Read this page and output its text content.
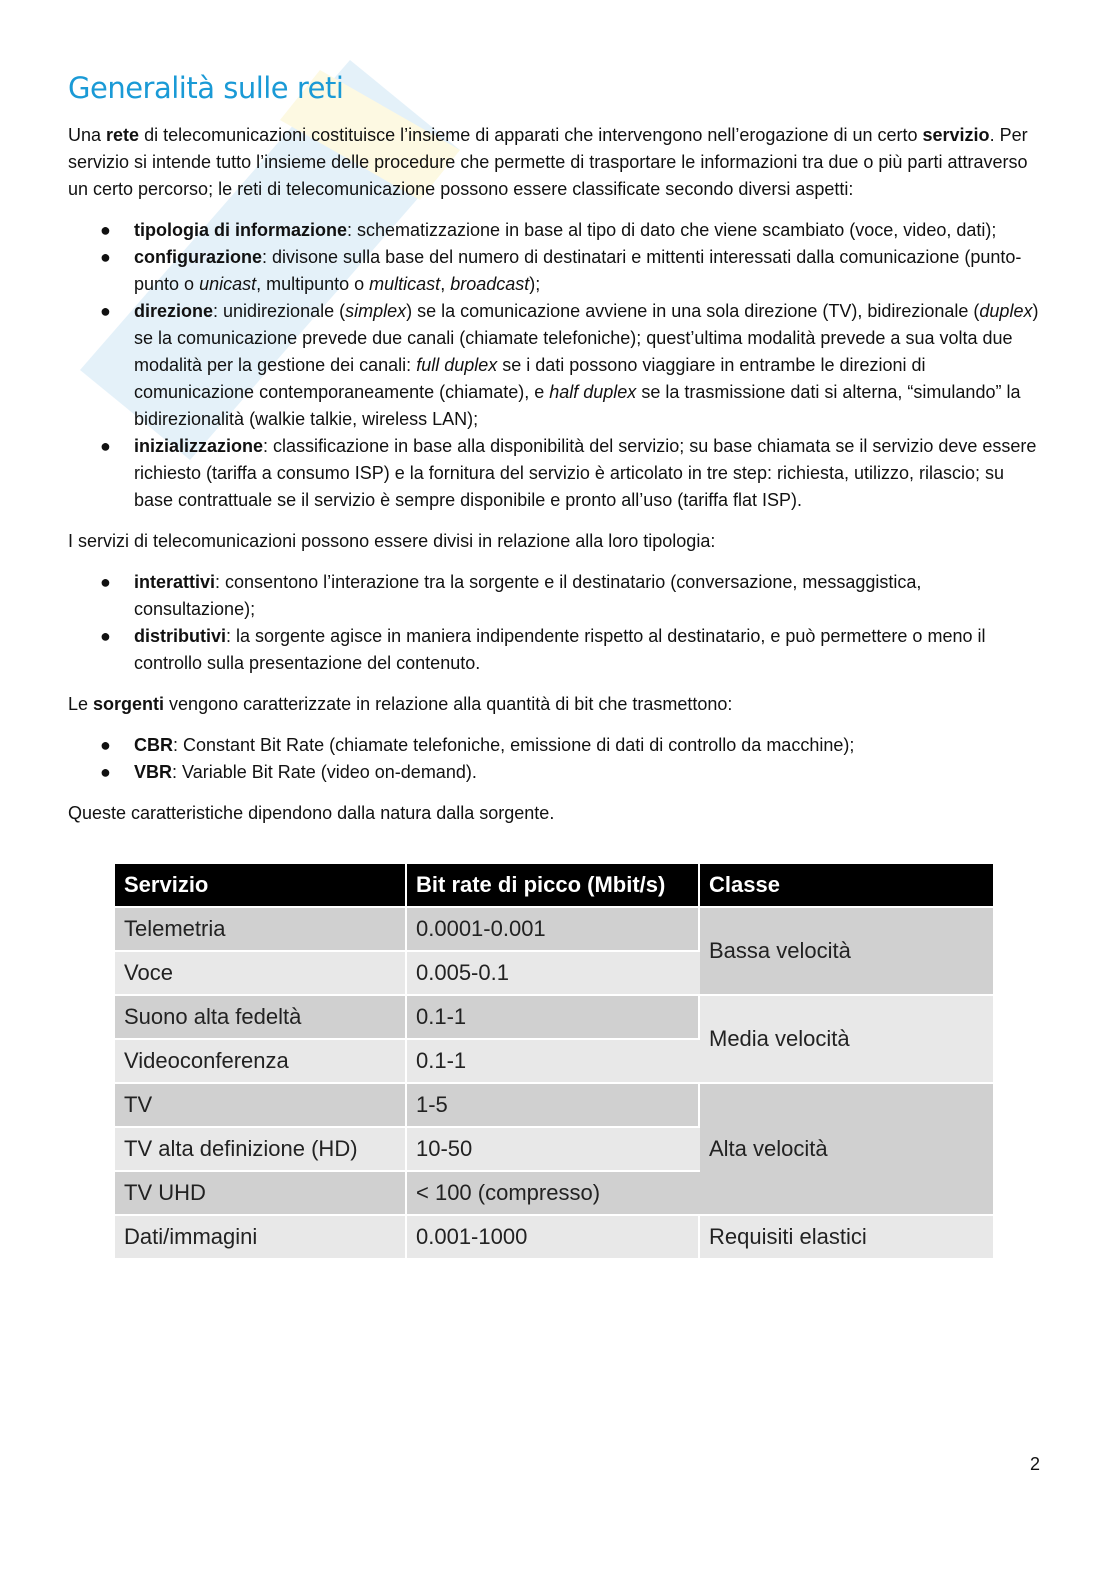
Generalità sulle reti

Una rete di telecomunicazioni costituisce l’insieme di apparati che intervengono nell’erogazione di un certo servizio. Per servizio si intende tutto l’insieme delle procedure che permette di trasportare le informazioni tra due o più parti attraverso un certo percorso; le reti di telecomunicazione possono essere classificate secondo diversi aspetti:

● tipologia di informazione: schematizzazione in base al tipo di dato che viene scambiato (voce, video, dati);
● configurazione: divisone sulla base del numero di destinatari e mittenti interessati dalla comunicazione (punto-punto o unicast, multipunto o multicast, broadcast);
● direzione: unidirezionale (simplex) se la comunicazione avviene in una sola direzione (TV), bidirezionale (duplex) se la comunicazione prevede due canali (chiamate telefoniche); quest’ultima modalità prevede a sua volta due modalità per la gestione dei canali: full duplex se i dati possono viaggiare in entrambe le direzioni di comunicazione contemporaneamente (chiamate), e half duplex se la trasmissione dati si alterna, “simulando” la bidirezionalità (walkie talkie, wireless LAN);
● inizializzazione: classificazione in base alla disponibilità del servizio; su base chiamata se il servizio deve essere richiesto (tariffa a consumo ISP) e la fornitura del servizio è articolato in tre step: richiesta, utilizzo, rilascio; su base contrattuale se il servizio è sempre disponibile e pronto all’uso (tariffa flat ISP).

I servizi di telecomunicazioni possono essere divisi in relazione alla loro tipologia:

● interattivi: consentono l’interazione tra la sorgente e il destinatario (conversazione, messaggistica, consultazione);
● distributivi: la sorgente agisce in maniera indipendente rispetto al destinatario, e può permettere o meno il controllo sulla presentazione del contenuto.

Le sorgenti vengono caratterizzate in relazione alla quantità di bit che trasmettono:

● CBR: Constant Bit Rate (chiamate telefoniche, emissione di dati di controllo da macchine);
● VBR: Variable Bit Rate (video on-demand).

Queste caratteristiche dipendono dalla natura dalla sorgente.

Servizio	Bit rate di picco (Mbit/s)	Classe
Telemetria	0.0001-0.001	Bassa velocità
Voce	0.005-0.1	
Suono alta fedeltà	0.1-1	Media velocità
Videoconferenza	0.1-1	
TV	1-5	Alta velocità
TV alta definizione (HD)	10-50	
TV UHD	< 100 (compresso)	
Dati/immagini	0.001-1000	Requisiti elastici
2
